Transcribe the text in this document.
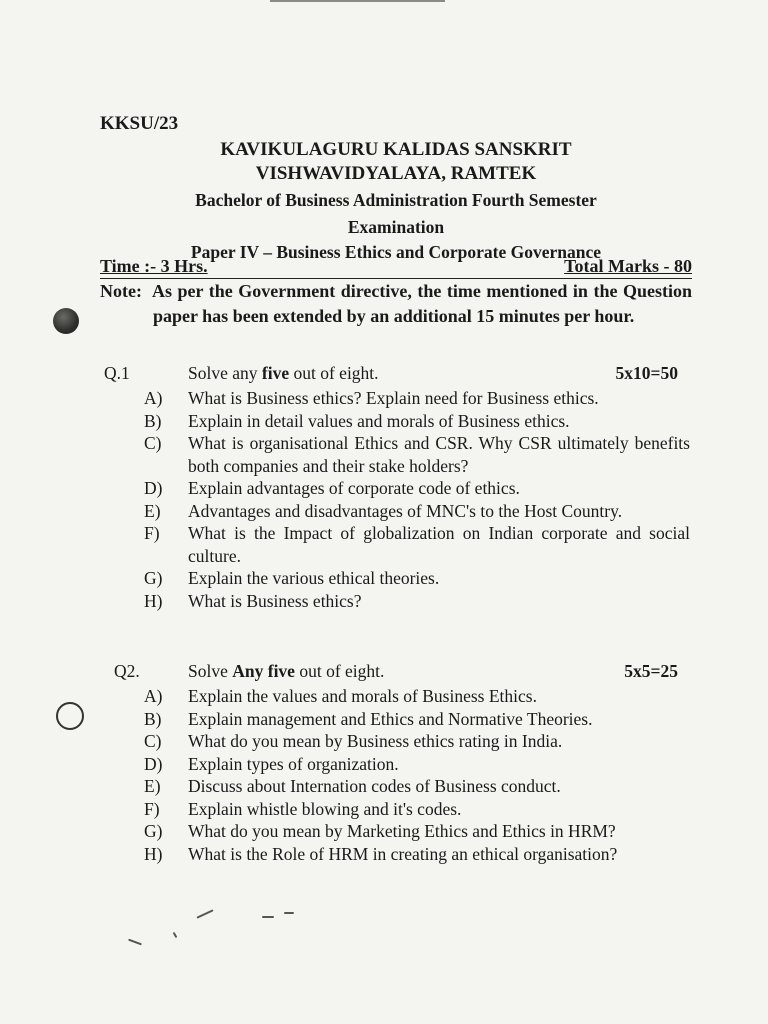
KKSU/23
KAVIKULAGURU KALIDAS SANSKRIT
VISHWAVIDYALAYA, RAMTEK
Bachelor of Business Administration Fourth Semester
Examination
Paper IV – Business Ethics and Corporate Governance
Time :- 3 Hrs.	Total Marks - 80
Note: As per the Government directive, the time mentioned in the Question paper has been extended by an additional 15 minutes per hour.
Q.1	Solve any five out of eight.	5x10=50
A)	What is Business ethics? Explain need for Business ethics.
B)	Explain in detail values and morals of Business ethics.
C)	What is organisational Ethics and CSR. Why CSR ultimately benefits both companies and their stake holders?
D)	Explain advantages of corporate code of ethics.
E)	Advantages and disadvantages of MNC's to the Host Country.
F)	What is the Impact of globalization on Indian corporate and social culture.
G)	Explain the various ethical theories.
H)	What is Business ethics?
Q2.	Solve Any five out of eight.	5x5=25
A)	Explain the values and morals of Business Ethics.
B)	Explain management and Ethics and Normative Theories.
C)	What do you mean by Business ethics rating in India.
D)	Explain types of organization.
E)	Discuss about Internation codes of Business conduct.
F)	Explain whistle blowing and it's codes.
G)	What do you mean by Marketing Ethics and Ethics in HRM?
H)	What is the Role of HRM in creating an ethical organisation?
